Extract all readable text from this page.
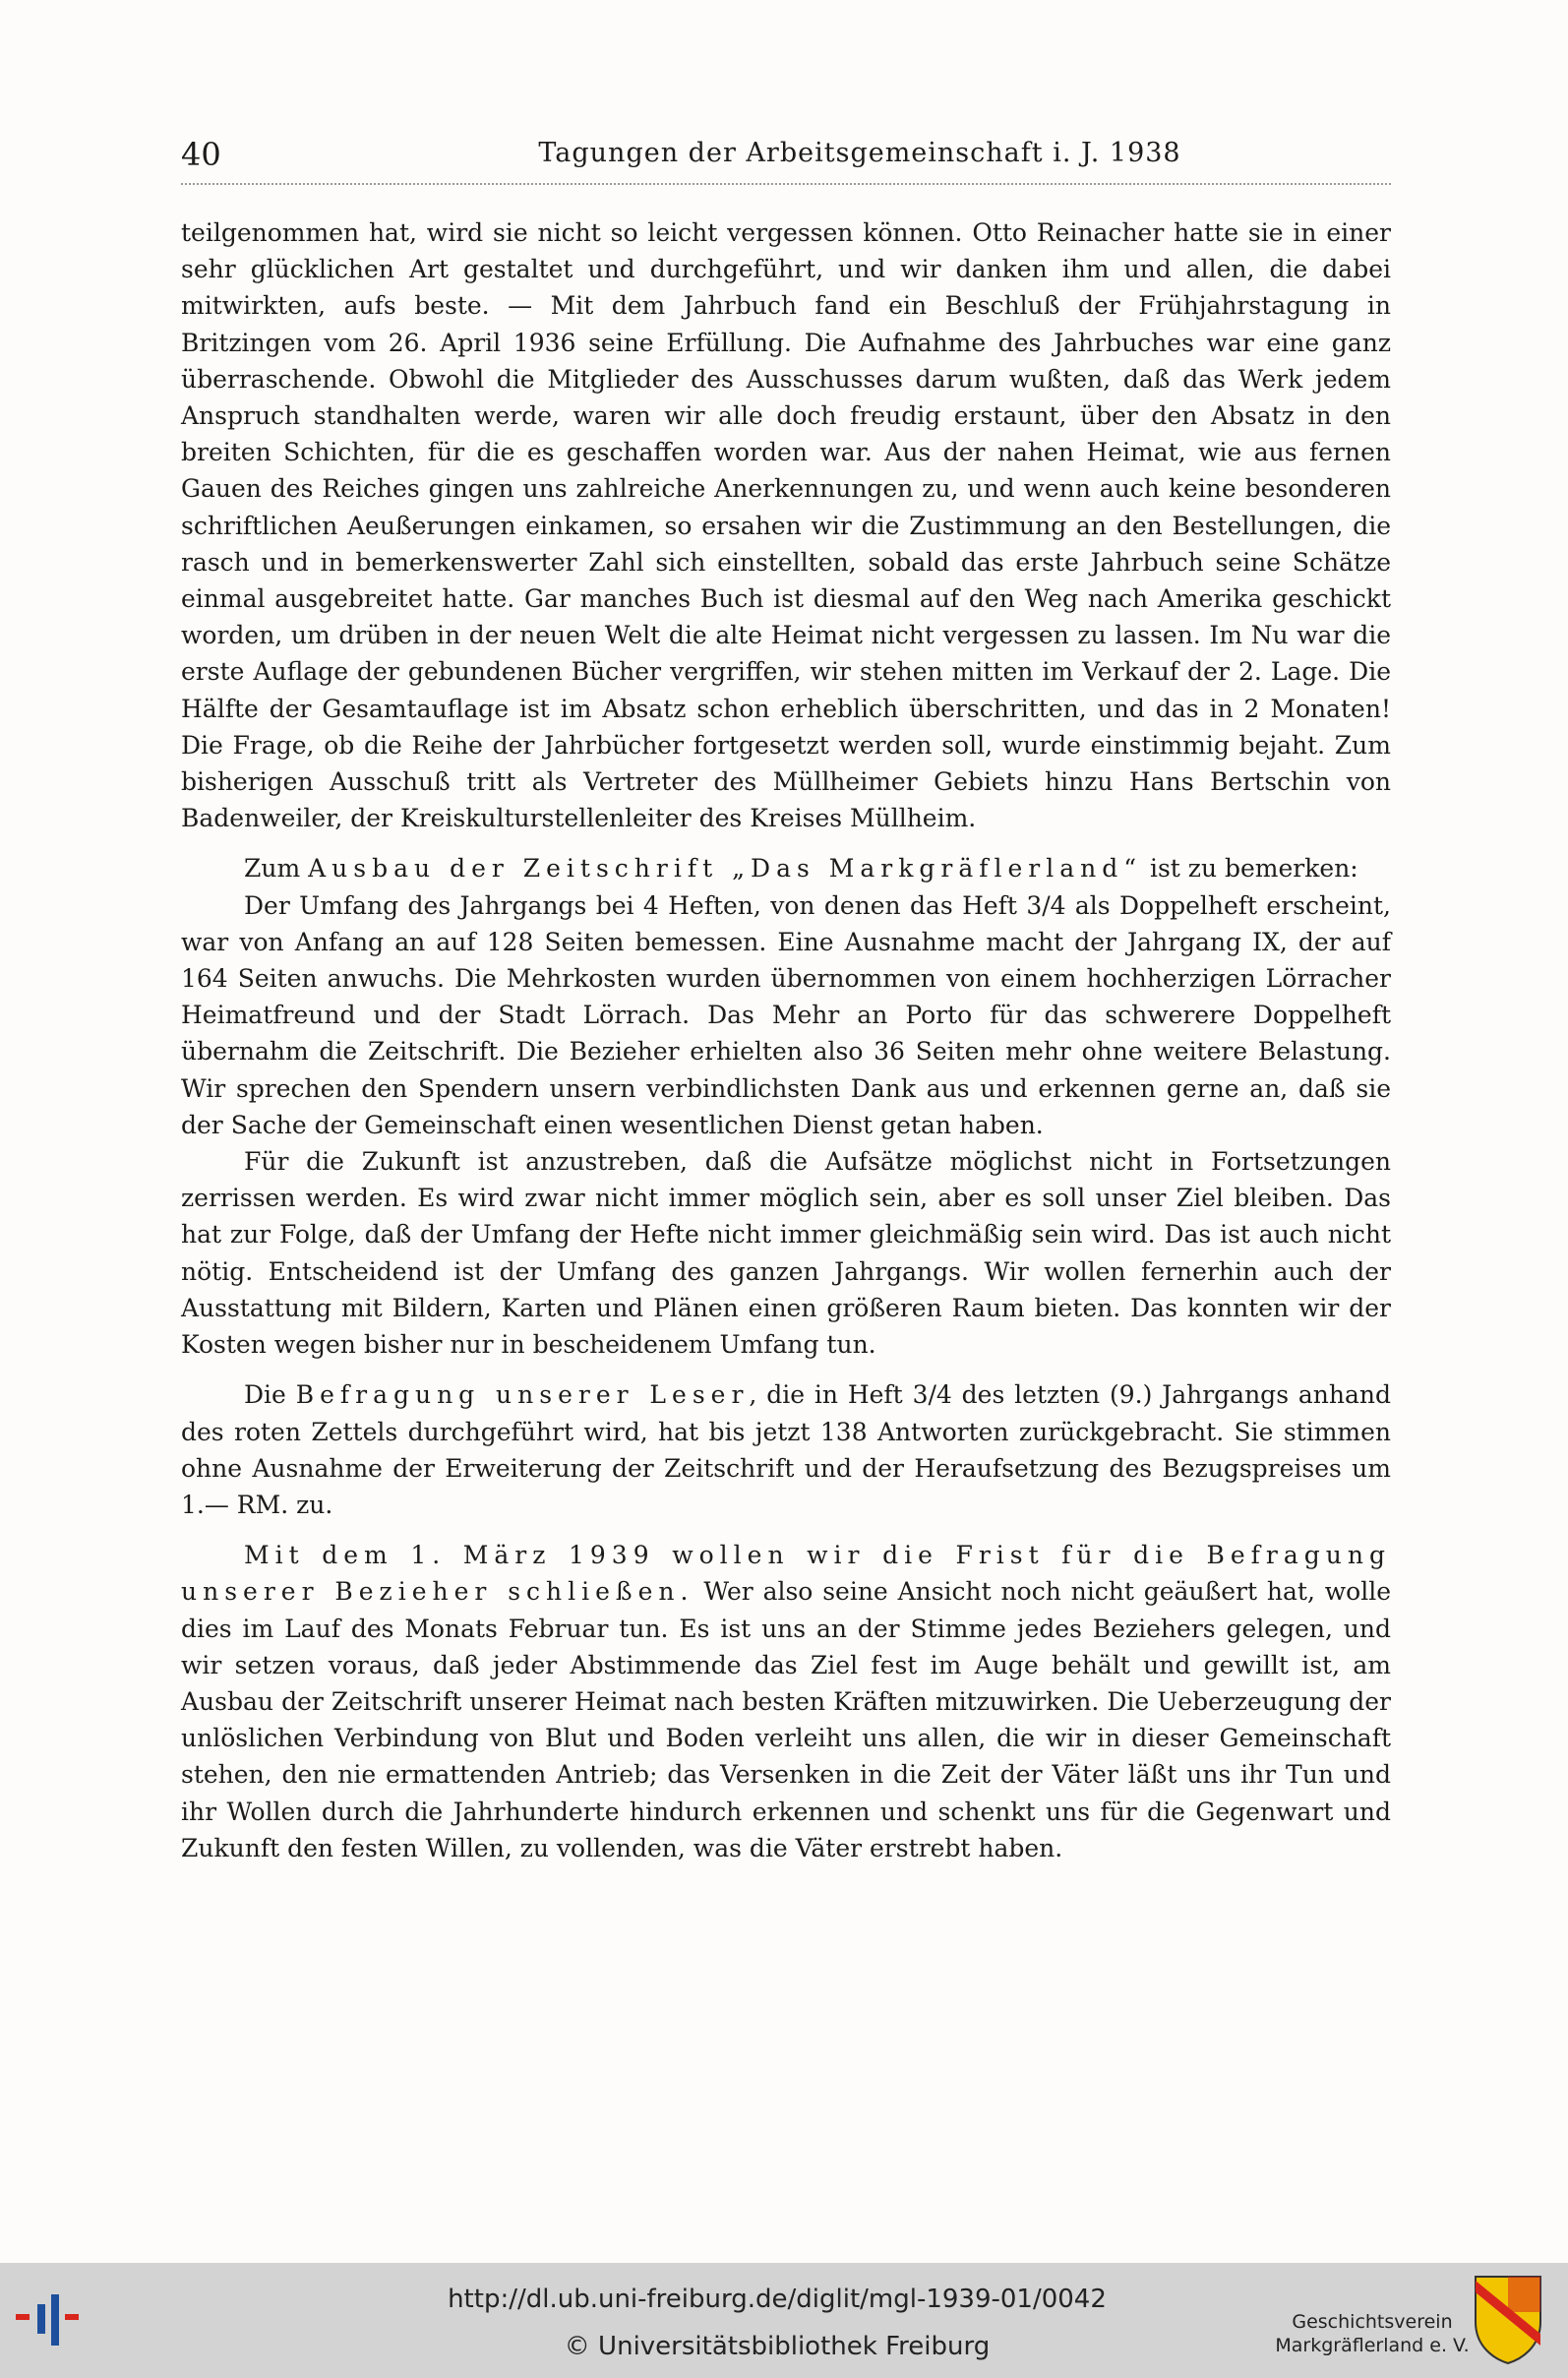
40	Tagungen der Arbeitsgemeinschaft i. J. 1938

teilgenommen hat, wird sie nicht so leicht vergessen können. Otto Reinacher hatte sie in einer sehr glücklichen Art gestaltet und durchgeführt, und wir danken ihm und allen, die dabei mitwirkten, aufs beste. — Mit dem Jahrbuch fand ein Beschluß der Frühjahrstagung in Britzingen vom 26. April 1936 seine Erfüllung. Die Aufnahme des Jahrbuches war eine ganz überraschende. Obwohl die Mitglieder des Ausschusses darum wußten, daß das Werk jedem Anspruch standhalten werde, waren wir alle doch freudig erstaunt, über den Absatz in den breiten Schichten, für die es geschaffen worden war. Aus der nahen Heimat, wie aus fernen Gauen des Reiches gingen uns zahlreiche Anerkennungen zu, und wenn auch keine besonderen schriftlichen Aeußerungen einkamen, so ersahen wir die Zustimmung an den Bestellungen, die rasch und in bemerkenswerter Zahl sich einstellten, sobald das erste Jahrbuch seine Schätze einmal ausgebreitet hatte. Gar manches Buch ist diesmal auf den Weg nach Amerika geschickt worden, um drüben in der neuen Welt die alte Heimat nicht vergessen zu lassen. Im Nu war die erste Auflage der gebundenen Bücher vergriffen, wir stehen mitten im Verkauf der 2. Lage. Die Hälfte der Gesamtauflage ist im Absatz schon erheblich überschritten, und das in 2 Monaten! Die Frage, ob die Reihe der Jahrbücher fortgesetzt werden soll, wurde einstimmig bejaht. Zum bisherigen Ausschuß tritt als Vertreter des Müllheimer Gebiets hinzu Hans Bertschin von Badenweiler, der Kreiskulturstellenleiter des Kreises Müllheim.

Zum Ausbau der Zeitschrift „Das Markgräflerland“ ist zu bemerken:

Der Umfang des Jahrgangs bei 4 Heften, von denen das Heft 3/4 als Doppelheft erscheint, war von Anfang an auf 128 Seiten bemessen. Eine Ausnahme macht der Jahrgang IX, der auf 164 Seiten anwuchs. Die Mehrkosten wurden übernommen von einem hochherzigen Lörracher Heimatfreund und der Stadt Lörrach. Das Mehr an Porto für das schwerere Doppelheft übernahm die Zeitschrift. Die Bezieher erhielten also 36 Seiten mehr ohne weitere Belastung. Wir sprechen den Spendern unsern verbindlichsten Dank aus und erkennen gerne an, daß sie der Sache der Gemeinschaft einen wesentlichen Dienst getan haben.

Für die Zukunft ist anzustreben, daß die Aufsätze möglichst nicht in Fortsetzungen zerrissen werden. Es wird zwar nicht immer möglich sein, aber es soll unser Ziel bleiben. Das hat zur Folge, daß der Umfang der Hefte nicht immer gleichmäßig sein wird. Das ist auch nicht nötig. Entscheidend ist der Umfang des ganzen Jahrgangs. Wir wollen fernerhin auch der Ausstattung mit Bildern, Karten und Plänen einen größeren Raum bieten. Das konnten wir der Kosten wegen bisher nur in bescheidenem Umfang tun.

Die Befragung unserer Leser, die in Heft 3/4 des letzten (9.) Jahrgangs anhand des roten Zettels durchgeführt wird, hat bis jetzt 138 Antworten zurückgebracht. Sie stimmen ohne Ausnahme der Erweiterung der Zeitschrift und der Heraufsetzung des Bezugspreises um 1.— RM. zu.

Mit dem 1. März 1939 wollen wir die Frist für die Befragung unserer Bezieher schließen. Wer also seine Ansicht noch nicht geäußert hat, wolle dies im Lauf des Monats Februar tun. Es ist uns an der Stimme jedes Beziehers gelegen, und wir setzen voraus, daß jeder Abstimmende das Ziel fest im Auge behält und gewillt ist, am Ausbau der Zeitschrift unserer Heimat nach besten Kräften mitzuwirken. Die Ueberzeugung der unlöslichen Verbindung von Blut und Boden verleiht uns allen, die wir in dieser Gemeinschaft stehen, den nie ermattenden Antrieb; das Versenken in die Zeit der Väter läßt uns ihr Tun und ihr Wollen durch die Jahrhunderte hindurch erkennen und schenkt uns für die Gegenwart und Zukunft den festen Willen, zu vollenden, was die Väter erstrebt haben.

http://dl.ub.uni-freiburg.de/diglit/mgl-1939-01/0042
© Universitätsbibliothek Freiburg
Geschichtsverein
Markgräflerland e. V.
